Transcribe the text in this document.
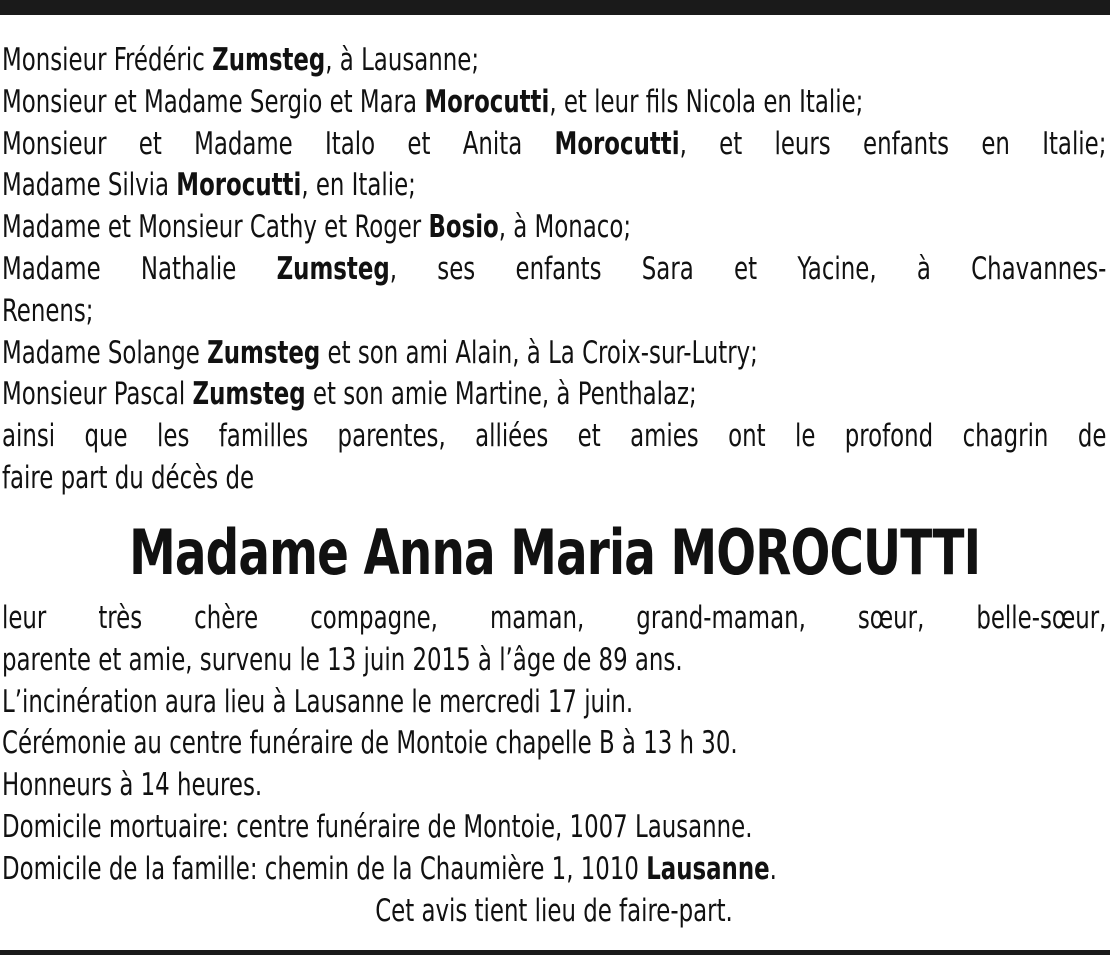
Monsieur Frédéric Zumsteg, à Lausanne;
Monsieur et Madame Sergio et Mara Morocutti, et leur fils Nicola en Italie;
Monsieur et Madame Italo et Anita Morocutti, et leurs enfants en Italie;
Madame Silvia Morocutti, en Italie;
Madame et Monsieur Cathy et Roger Bosio, à Monaco;
Madame Nathalie Zumsteg, ses enfants Sara et Yacine, à Chavannes-
Renens;
Madame Solange Zumsteg et son ami Alain, à La Croix-sur-Lutry;
Monsieur Pascal Zumsteg et son amie Martine, à Penthalaz;
ainsi que les familles parentes, alliées et amies ont le profond chagrin de
faire part du décès de
Madame Anna Maria MOROCUTTI
leur très chère compagne, maman, grand-maman, sœur, belle-sœur,
parente et amie, survenu le 13 juin 2015 à l’âge de 89 ans.
L’incinération aura lieu à Lausanne le mercredi 17 juin.
Cérémonie au centre funéraire de Montoie chapelle B à 13 h 30.
Honneurs à 14 heures.
Domicile mortuaire: centre funéraire de Montoie, 1007 Lausanne.
Domicile de la famille: chemin de la Chaumière 1, 1010 Lausanne.
Cet avis tient lieu de faire-part.
